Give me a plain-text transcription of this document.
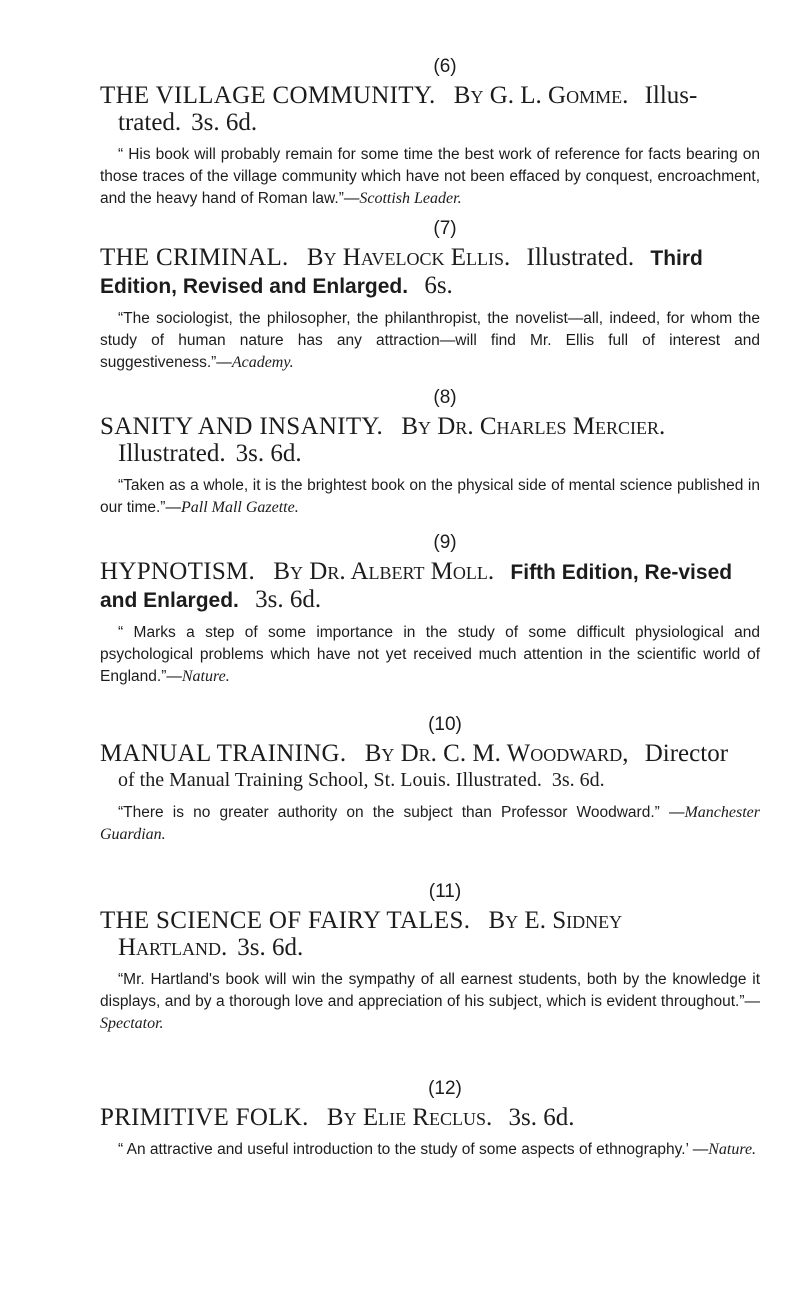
(6)
THE VILLAGE COMMUNITY. By G. L. Gomme. Illus-
trated. 3s. 6d.

“ His book will probably remain for some time the best work of reference for facts bearing on those traces of the village community which have not been effaced by conquest, encroachment, and the heavy hand of Roman law.”—Scottish Leader.

(7)
THE CRIMINAL. By Havelock Ellis. Illustrated. Third Edition, Revised and Enlarged. 6s.

“The sociologist, the philosopher, the philanthropist, the novelist—all, indeed, for whom the study of human nature has any attraction—will find Mr. Ellis full of interest and suggestiveness.”—Academy.

(8)
SANITY AND INSANITY. By Dr. Charles Mercier.
Illustrated. 3s. 6d.

“Taken as a whole, it is the brightest book on the physical side of mental science published in our time.”—Pall Mall Gazette.

(9)
HYPNOTISM. By Dr. Albert Moll. Fifth Edition, Re-vised and Enlarged. 3s. 6d.

“ Marks a step of some importance in the study of some difficult physiological and psychological problems which have not yet received much attention in the scientific world of England.”—Nature.

(10)
MANUAL TRAINING. By Dr. C. M. Woodward, Director
of the Manual Training School, St. Louis. Illustrated. 3s. 6d.

“There is no greater authority on the subject than Professor Woodward.” —Manchester Guardian.

(11)
THE SCIENCE OF FAIRY TALES. By E. Sidney
Hartland. 3s. 6d.

“Mr. Hartland's book will win the sympathy of all earnest students, both by the knowledge it displays, and by a thorough love and appreciation of his subject, which is evident throughout.”—Spectator.

(12)
PRIMITIVE FOLK. By Elie Reclus. 3s. 6d.

“ An attractive and useful introduction to the study of some aspects of ethnography.’ —Nature.
